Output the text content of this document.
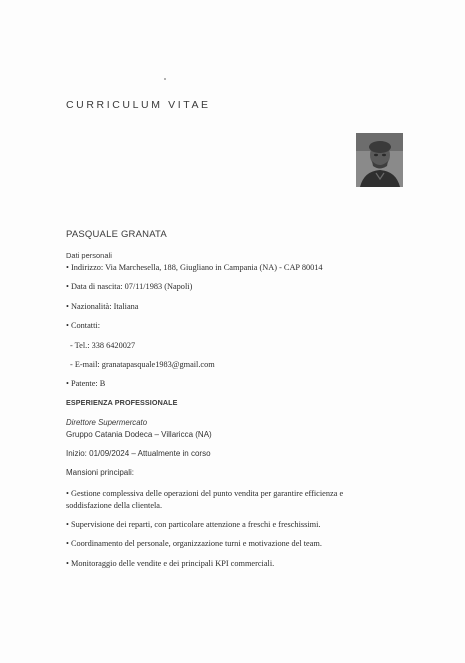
CURRICULUM VITAE
PASQUALE GRANATA
Dati personali
• Indirizzo: Via Marchesella, 188, Giugliano in Campania (NA) - CAP 80014
• Data di nascita: 07/11/1983 (Napoli)
• Nazionalità: Italiana
• Contatti:
- Tel.: 338 6420027
- E-mail: granatapasquale1983@gmail.com
• Patente: B
ESPERIENZA PROFESSIONALE
Direttore Supermercato
Gruppo Catania Dodeca – Villaricca (NA)
Inizio: 01/09/2024 – Attualmente in corso
Mansioni principali:
• Gestione complessiva delle operazioni del punto vendita per garantire efficienza e soddisfazione della clientela.
• Supervisione dei reparti, con particolare attenzione a freschi e freschissimi.
• Coordinamento del personale, organizzazione turni e motivazione del team.
• Monitoraggio delle vendite e dei principali KPI commerciali.
